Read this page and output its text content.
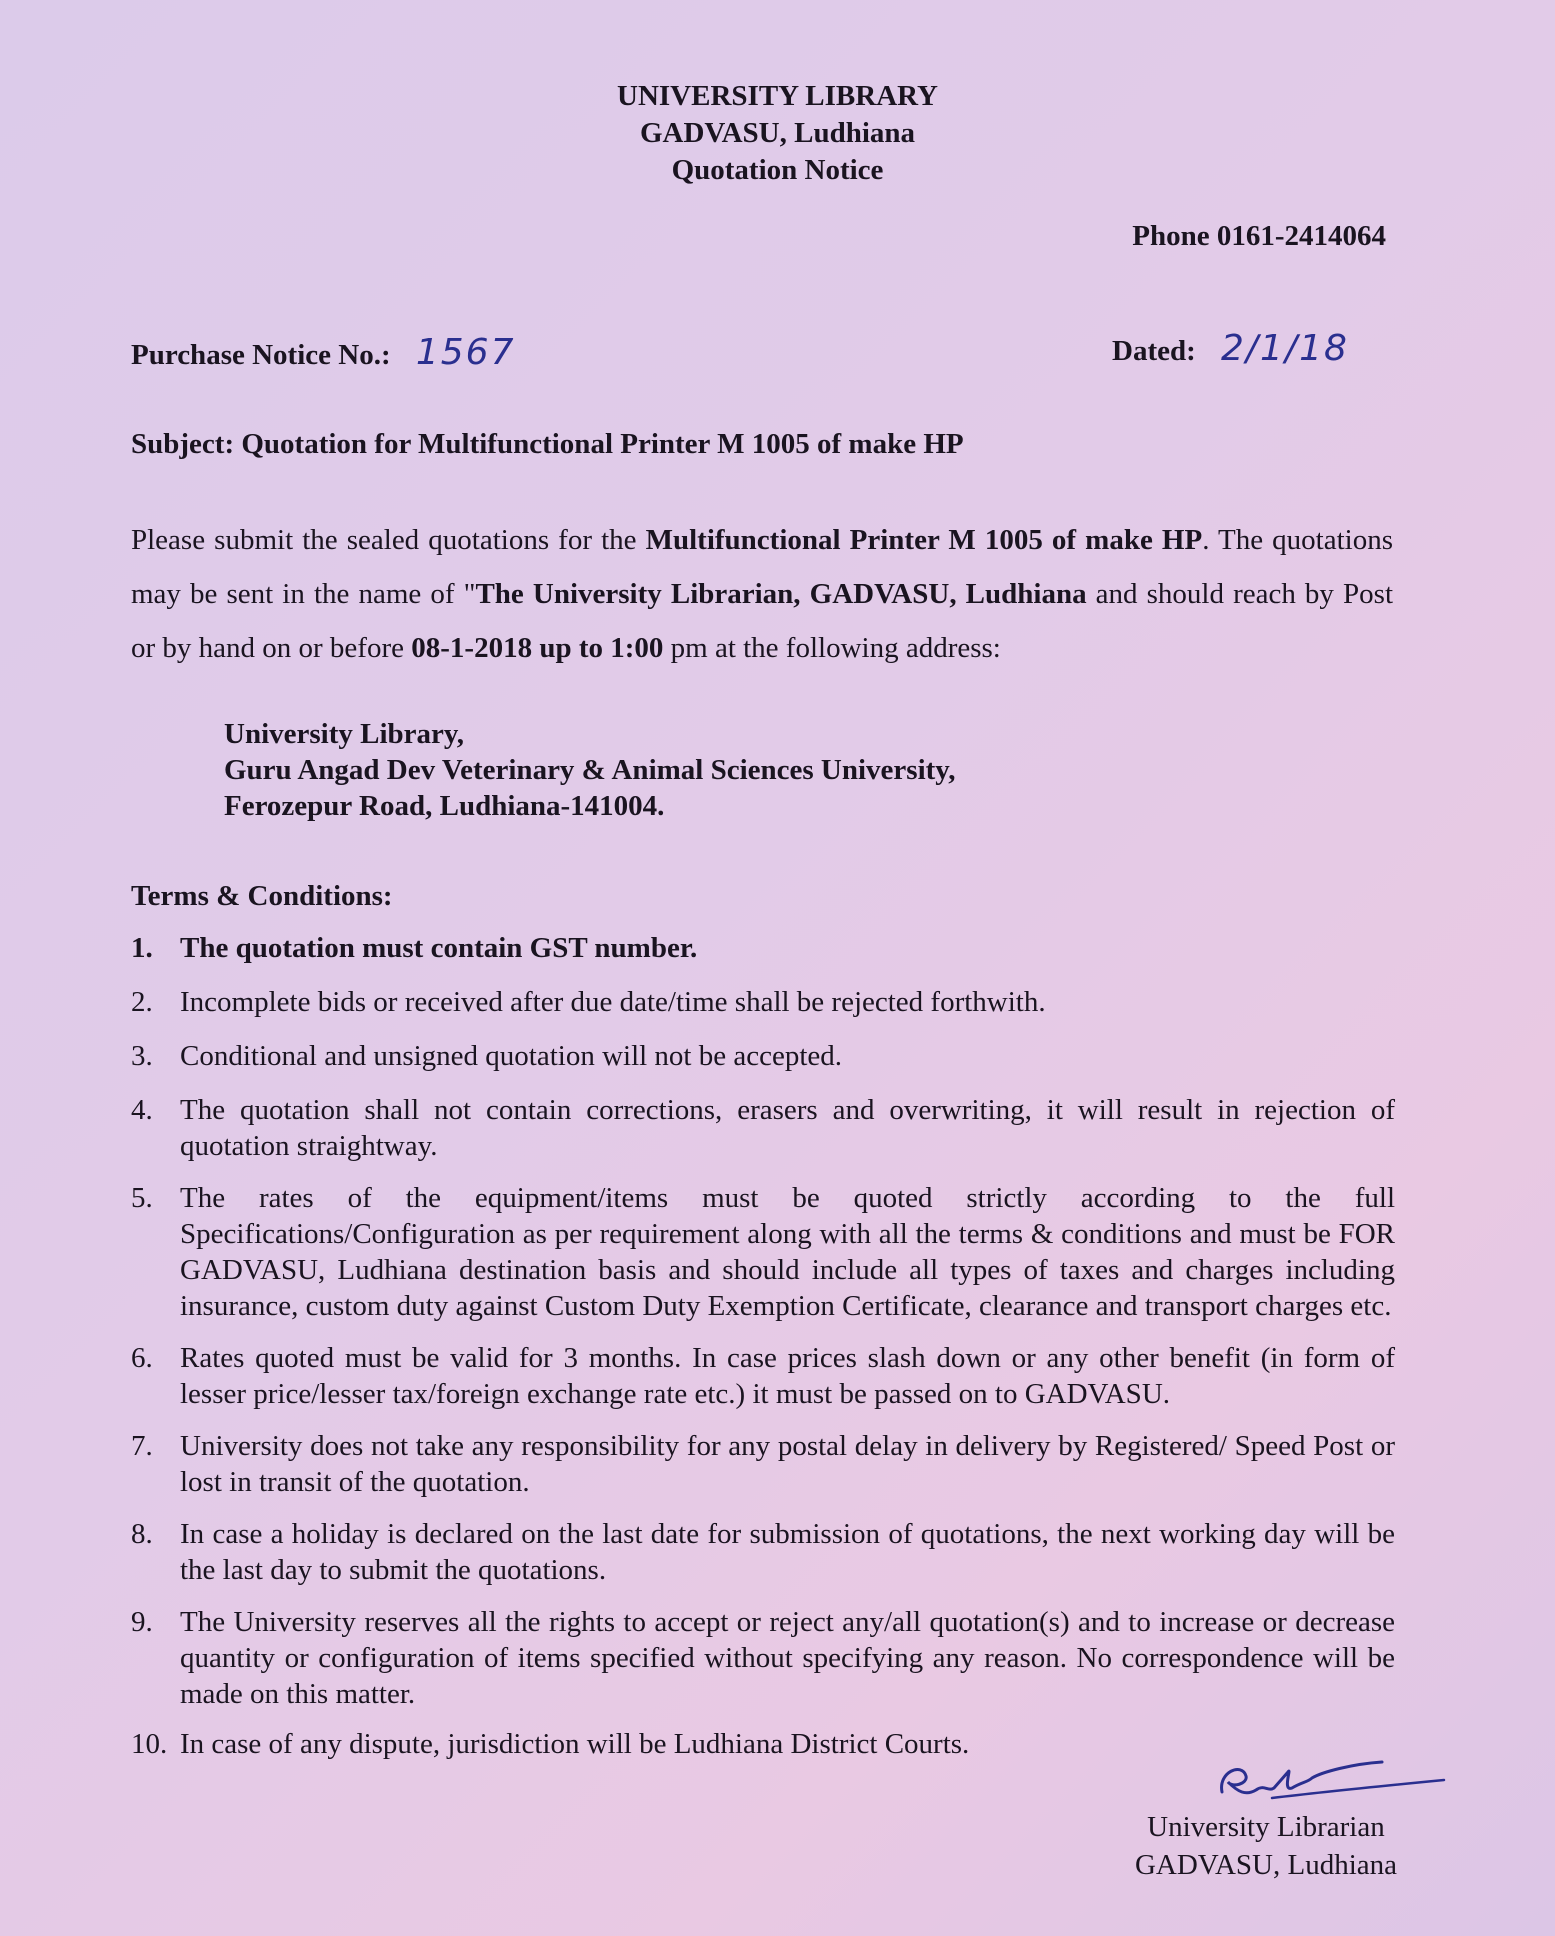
UNIVERSITY LIBRARY
GADVASU, Ludhiana
Quotation Notice
Phone 0161-2414064
Purchase Notice No.: 1567	Dated: 2/1/18
Subject: Quotation for Multifunctional Printer M 1005 of make HP
Please submit the sealed quotations for the Multifunctional Printer M 1005 of make HP. The quotations may be sent in the name of "The University Librarian, GADVASU, Ludhiana and should reach by Post or by hand on or before 08-1-2018 up to 1:00 pm at the following address:
University Library,
Guru Angad Dev Veterinary & Animal Sciences University,
Ferozepur Road, Ludhiana-141004.
Terms & Conditions:
1. The quotation must contain GST number.
2. Incomplete bids or received after due date/time shall be rejected forthwith.
3. Conditional and unsigned quotation will not be accepted.
4. The quotation shall not contain corrections, erasers and overwriting, it will result in rejection of quotation straightway.
5. The rates of the equipment/items must be quoted strictly according to the full Specifications/Configuration as per requirement along with all the terms & conditions and must be FOR GADVASU, Ludhiana destination basis and should include all types of taxes and charges including insurance, custom duty against Custom Duty Exemption Certificate, clearance and transport charges etc.
6. Rates quoted must be valid for 3 months. In case prices slash down or any other benefit (in form of lesser price/lesser tax/foreign exchange rate etc.) it must be passed on to GADVASU.
7. University does not take any responsibility for any postal delay in delivery by Registered/ Speed Post or lost in transit of the quotation.
8. In case a holiday is declared on the last date for submission of quotations, the next working day will be the last day to submit the quotations.
9. The University reserves all the rights to accept or reject any/all quotation(s) and to increase or decrease quantity or configuration of items specified without specifying any reason. No correspondence will be made on this matter.
10. In case of any dispute, jurisdiction will be Ludhiana District Courts.
University Librarian
GADVASU, Ludhiana
